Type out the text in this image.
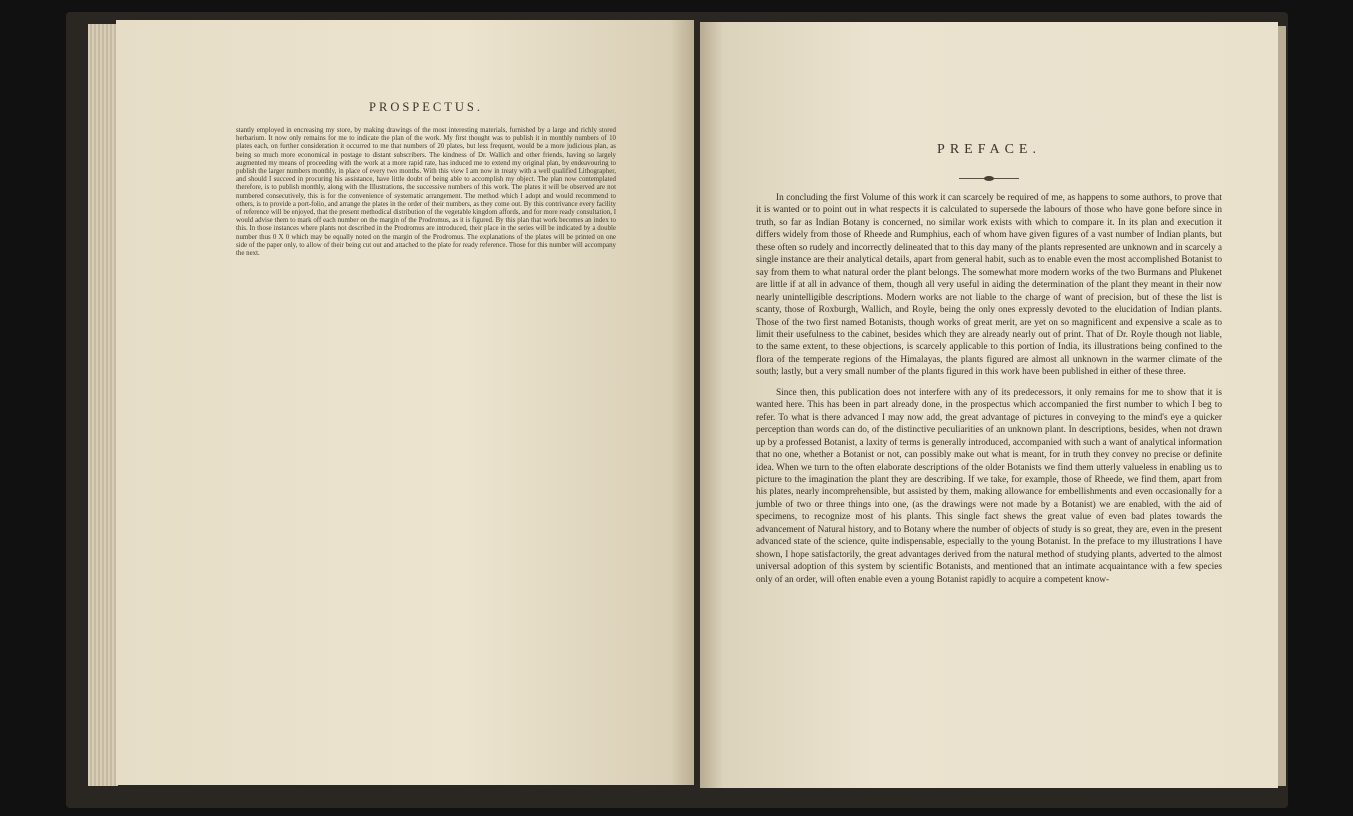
PROSPECTUS.

stantly employed in encreasing my store, by making drawings of the most interesting materials, furnished by a large and richly stored herbarium. It now only remains for me to indicate the plan of the work. My first thought was to publish it in monthly numbers of 10 plates each, on further consideration it occurred to me that numbers of 20 plates, but less frequent, would be a more judicious plan, as being so much more economical in postage to distant subscribers. The kindness of Dr. Wallich and other friends, having so largely augmented my means of proceeding with the work at a more rapid rate, has induced me to extend my original plan, by endeavouring to publish the larger numbers monthly, in place of every two months. With this view I am now in treaty with a well qualified Lithographer, and should I succeed in procuring his assistance, have little doubt of being able to accomplish my object. The plan now contemplated therefore, is to publish monthly, along with the Illustrations, the successive numbers of this work. The plates it will be observed are not numbered consecutively, this is for the convenience of systematic arrangement. The method which I adopt and would recommend to others, is to provide a port-folio, and arrange the plates in the order of their numbers, as they come out. By this contrivance every facility of reference will be enjoyed, that the present methodical distribution of the vegetable kingdom affords, and for more ready consultation, I would advise them to mark off each number on the margin of the Prodromus, as it is figured. By this plan that work becomes an index to this. In those instances where plants not described in the Prodromus are introduced, their place in the series will be indicated by a double number thus 0 X 0 which may be equally noted on the margin of the Prodromus. The explanations of the plates will be printed on one side of the paper only, to allow of their being cut out and attached to the plate for ready reference. Those for this number will accompany the next.

PREFACE.

In concluding the first Volume of this work it can scarcely be required of me, as happens to some authors, to prove that it is wanted or to point out in what respects it is calculated to supersede the labours of those who have gone before since in truth, so far as Indian Botany is concerned, no similar work exists with which to compare it. In its plan and execution it differs widely from those of Rheede and Rumphius, each of whom have given figures of a vast number of Indian plants, but these often so rudely and incorrectly delineated that to this day many of the plants represented are unknown and in scarcely a single instance are their analytical details, apart from general habit, such as to enable even the most accomplished Botanist to say from them to what natural order the plant belongs. The somewhat more modern works of the two Burmans and Plukenet are little if at all in advance of them, though all very useful in aiding the determination of the plant they meant in their now nearly unintelligible descriptions. Modern works are not liable to the charge of want of precision, but of these the list is scanty, those of Roxburgh, Wallich, and Royle, being the only ones expressly devoted to the elucidation of Indian plants. Those of the two first named Botanists, though works of great merit, are yet on so magnificent and expensive a scale as to limit their usefulness to the cabinet, besides which they are already nearly out of print. That of Dr. Royle though not liable, to the same extent, to these objections, is scarcely applicable to this portion of India, its illustrations being confined to the flora of the temperate regions of the Himalayas, the plants figured are almost all unknown in the warmer climate of the south; lastly, but a very small number of the plants figured in this work have been published in either of these three.

Since then, this publication does not interfere with any of its predecessors, it only remains for me to show that it is wanted here. This has been in part already done, in the prospectus which accompanied the first number to which I beg to refer. To what is there advanced I may now add, the great advantage of pictures in conveying to the mind's eye a quicker perception than words can do, of the distinctive peculiarities of an unknown plant. In descriptions, besides, when not drawn up by a professed Botanist, a laxity of terms is generally introduced, accompanied with such a want of analytical information that no one, whether a Botanist or not, can possibly make out what is meant, for in truth they convey no precise or definite idea. When we turn to the often elaborate descriptions of the older Botanists we find them utterly valueless in enabling us to picture to the imagination the plant they are describing. If we take, for example, those of Rheede, we find them, apart from his plates, nearly incomprehensible, but assisted by them, making allowance for embellishments and even occasionally for a jumble of two or three things into one, (as the drawings were not made by a Botanist) we are enabled, with the aid of specimens, to recognize most of his plants. This single fact shews the great value of even bad plates towards the advancement of Natural history, and to Botany where the number of objects of study is so great, they are, even in the present advanced state of the science, quite indispensable, especially to the young Botanist. In the preface to my illustrations I have shown, I hope satisfactorily, the great advantages derived from the natural method of studying plants, adverted to the almost universal adoption of this system by scientific Botanists, and mentioned that an intimate acquaintance with a few species only of an order, will often enable even a young Botanist rapidly to acquire a competent know-
